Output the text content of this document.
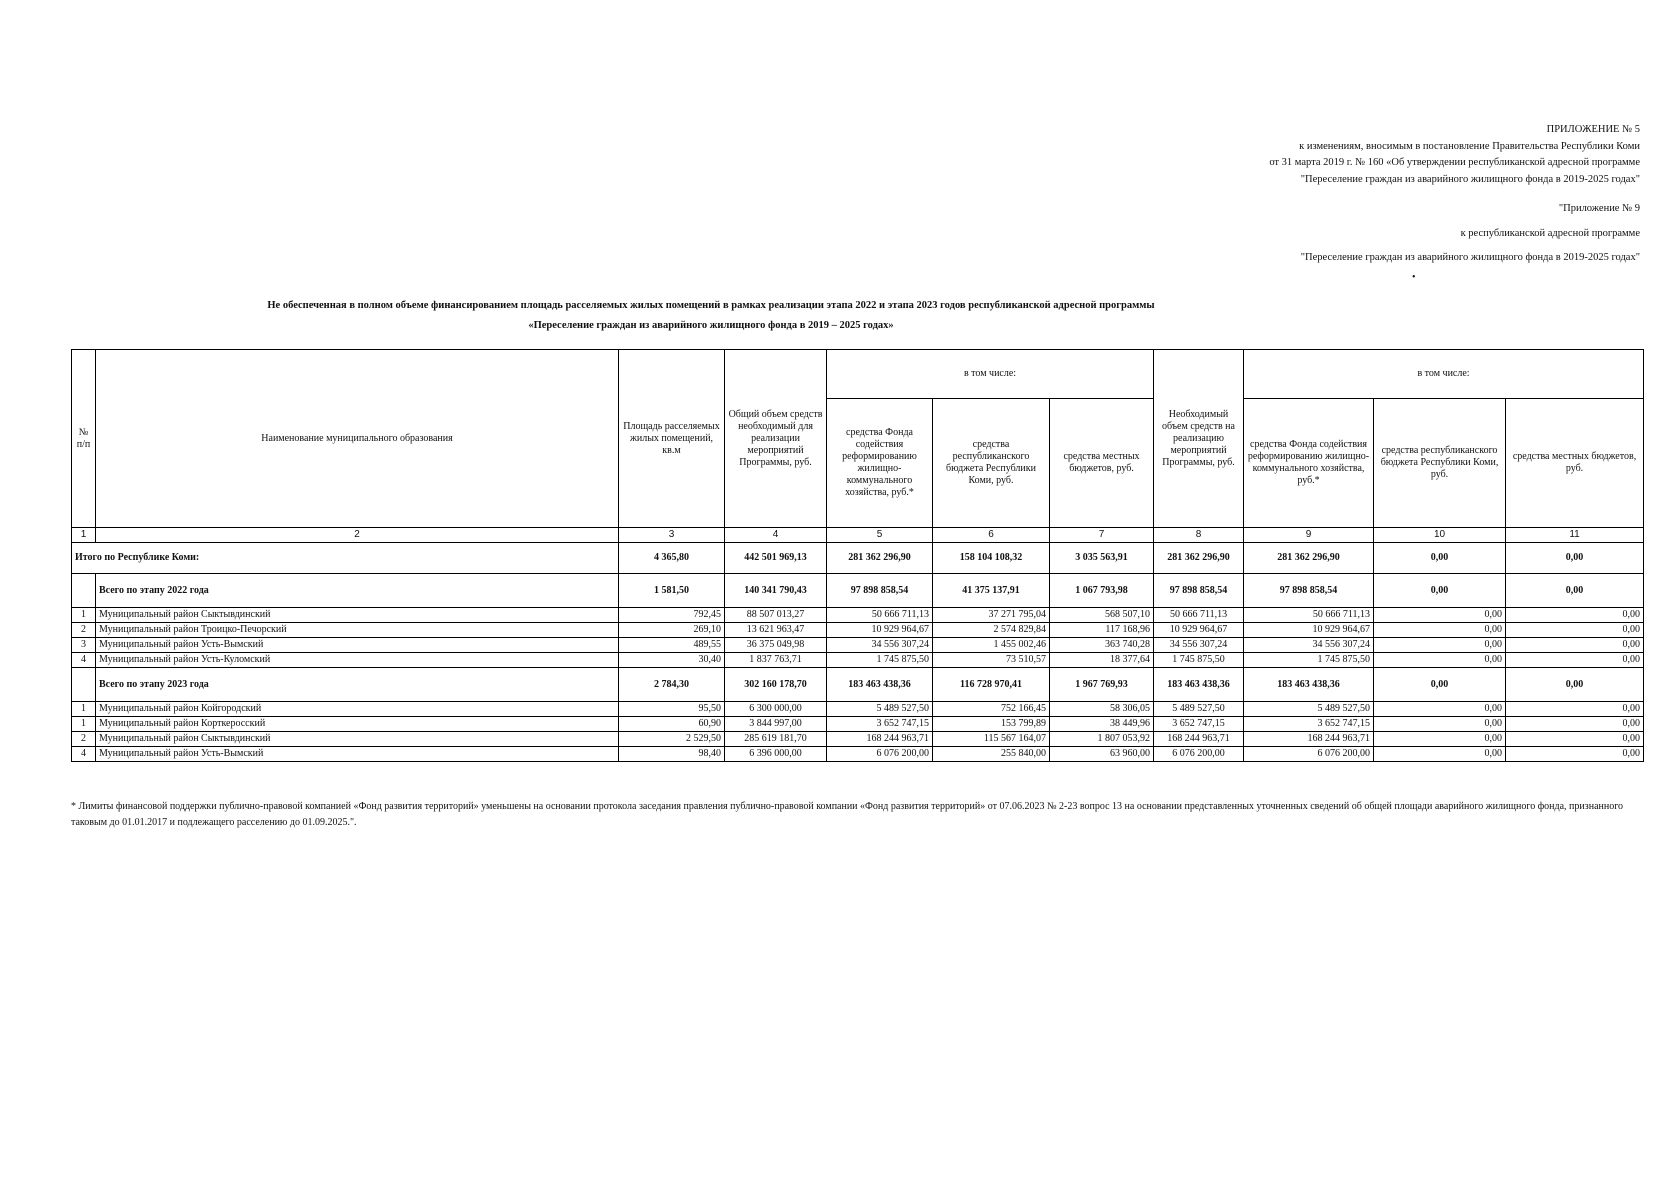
ПРИЛОЖЕНИЕ № 5
к изменениям, вносимым в постановление Правительства Республики Коми
от 31 марта 2019 г. № 160 «Об утверждении республиканской адресной программе
"Переселение граждан из аварийного жилищного фонда в 2019-2025 годах"
"Приложение № 9
к республиканской адресной программе
"Переселение граждан из аварийного жилищного фонда в 2019-2025 годах"
•
Не обеспеченная в полном объеме финансированием площадь расселяемых жилых помещений в рамках реализации этапа 2022 и этапа 2023 годов республиканской адресной программы
«Переселение граждан из аварийного жилищного фонда в 2019 – 2025 годах»
№ п/п	Наименование муниципального образования	Площадь расселяемых жилых помещений, кв.м	Общий объем средств необходимый для реализации мероприятий Программы, руб.	в том числе:			Необходимый объем средств на реализацию мероприятий Программы, руб.	в том числе:		
				средства Фонда содействия реформированию жилищно-коммунального хозяйства, руб.*	средства республиканского бюджета Республики Коми, руб.	средства местных бюджетов, руб.		средства Фонда содействия реформированию жилищно-коммунального хозяйства, руб.*	средства республиканского бюджета Республики Коми, руб.	средства местных бюджетов, руб.
1	2	3	4	5	6	7	8	9	10	11
Итого по Республике Коми:		4 365,80	442 501 969,13	281 362 296,90	158 104 108,32	3 035 563,91	281 362 296,90	281 362 296,90	0,00	0,00
	Всего по этапу 2022 года	1 581,50	140 341 790,43	97 898 858,54	41 375 137,91	1 067 793,98	97 898 858,54	97 898 858,54	0,00	0,00
1	Муниципальный район Сыктывдинский	792,45	88 507 013,27	50 666 711,13	37 271 795,04	568 507,10	50 666 711,13	50 666 711,13	0,00	0,00
2	Муниципальный район Троицко-Печорский	269,10	13 621 963,47	10 929 964,67	2 574 829,84	117 168,96	10 929 964,67	10 929 964,67	0,00	0,00
3	Муниципальный район Усть-Вымский	489,55	36 375 049,98	34 556 307,24	1 455 002,46	363 740,28	34 556 307,24	34 556 307,24	0,00	0,00
4	Муниципальный район Усть-Куломский	30,40	1 837 763,71	1 745 875,50	73 510,57	18 377,64	1 745 875,50	1 745 875,50	0,00	0,00
	Всего по этапу 2023 года	2 784,30	302 160 178,70	183 463 438,36	116 728 970,41	1 967 769,93	183 463 438,36	183 463 438,36	0,00	0,00
1	Муниципальный район Койгородский	95,50	6 300 000,00	5 489 527,50	752 166,45	58 306,05	5 489 527,50	5 489 527,50	0,00	0,00
1	Муниципальный район Корткеросский	60,90	3 844 997,00	3 652 747,15	153 799,89	38 449,96	3 652 747,15	3 652 747,15	0,00	0,00
2	Муниципальный район Сыктывдинский	2 529,50	285 619 181,70	168 244 963,71	115 567 164,07	1 807 053,92	168 244 963,71	168 244 963,71	0,00	0,00
4	Муниципальный район Усть-Вымский	98,40	6 396 000,00	6 076 200,00	255 840,00	63 960,00	6 076 200,00	6 076 200,00	0,00	0,00
* Лимиты финансовой поддержки публично-правовой компанией «Фонд развития территорий» уменьшены на основании протокола заседания правления публично-правовой компании «Фонд развития территорий» от 07.06.2023 № 2-23 вопрос 13 на основании представленных уточненных сведений об общей площади аварийного жилищного фонда, признанного таковым до 01.01.2017 и подлежащего расселению до 01.09.2025.".
